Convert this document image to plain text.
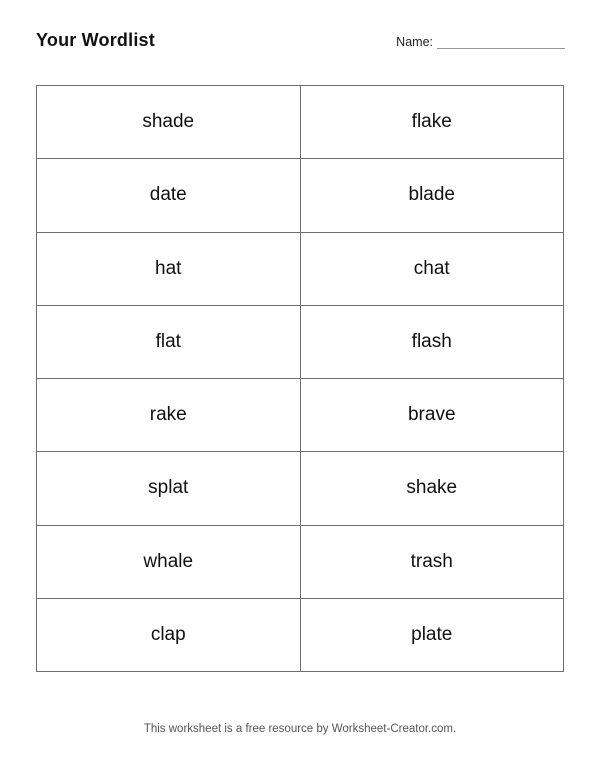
Your Wordlist	Name:
shade	flake
date	blade
hat	chat
flat	flash
rake	brave
splat	shake
whale	trash
clap	plate
This worksheet is a free resource by Worksheet-Creator.com.
